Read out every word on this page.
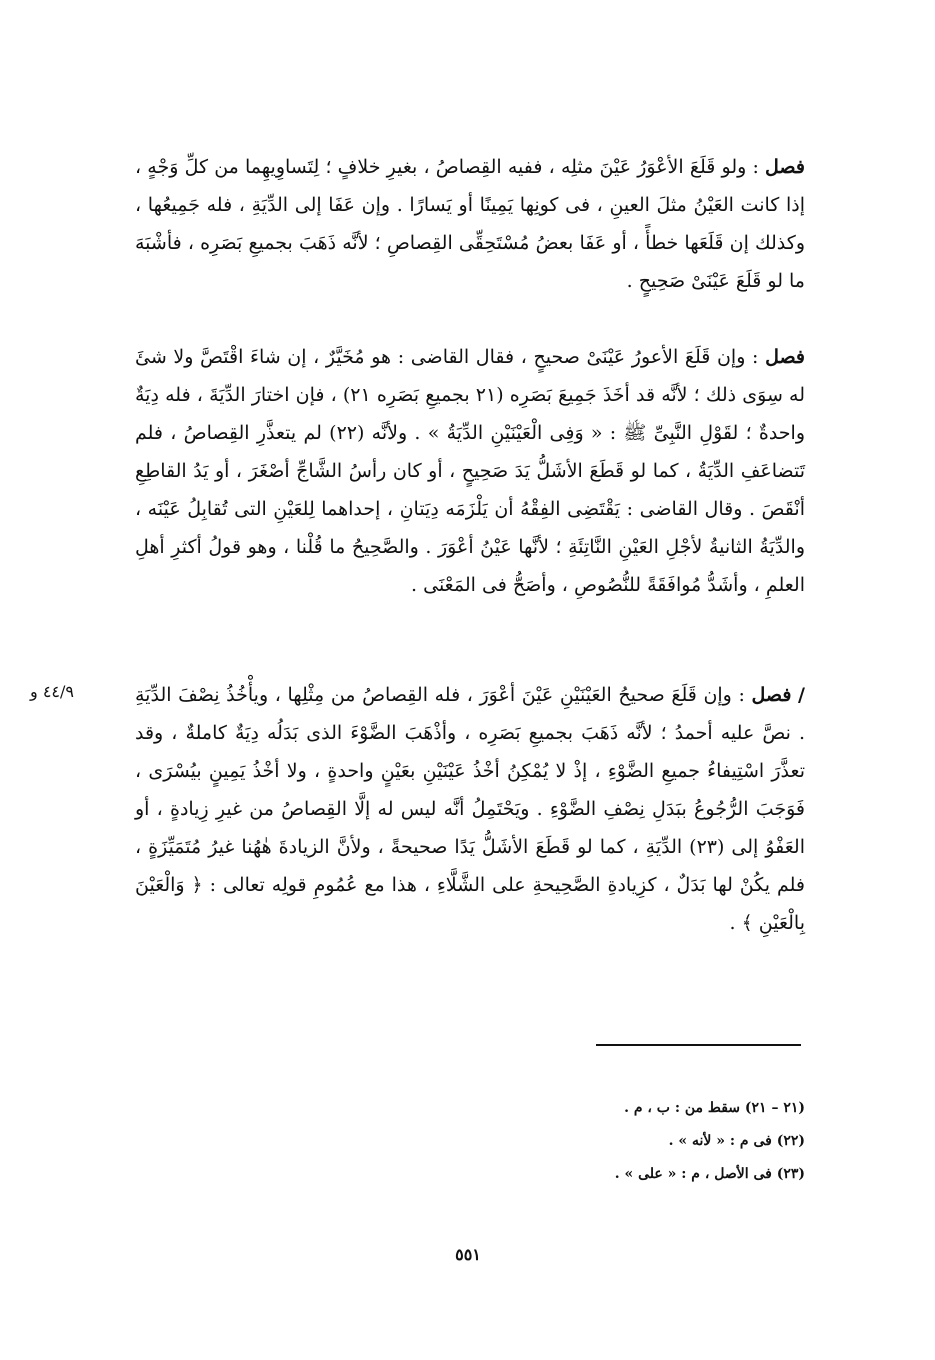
فصل : ولو قَلَعَ الأعْوَرُ عَيْنَ مثلِه ، ففيه القِصاصُ ، بغيرِ خلافٍ ؛ لِتَساوِيهِما من كلِّ وَجْهٍ ، إذا كانت العَيْنُ مثلَ العينِ ، فى كونِها يَمِينًا أو يَسارًا . وإن عَفَا إلى الدِّيَةِ ، فله جَمِيعُها ، وكذلك إن قَلَعَها خطأً ، أو عَفَا بعضُ مُسْتَحِقِّى القِصاصِ ؛ لأنَّه ذَهَبَ بجميعِ بَصَرِه ، فأشْبَهَ ما لو قَلَعَ عَيْنَىْ صَحِيحٍ .

فصل : وإن قَلَعَ الأعورُ عَيْنَىْ صحيحٍ ، فقال القاضى : هو مُخَيَّرٌ ، إن شاءَ اقْتَصَّ ولا شئَ له سِوَى ذلك ؛ لأنَّه قد أخَذَ جَمِيعَ بَصَرِه (٢١ بجميعِ بَصَرِه ٢١) ، فإن اختارَ الدِّيَةَ ، فله دِيَةٌ واحدةٌ ؛ لقَوْلِ النَّبِىِّ ﷺ : « وَفِى الْعَيْنَيْنِ الدِّيَةُ » . ولأنَّه (٢٢) لم يتعذَّرِ القِصاصُ ، فلم تَتضاعَفِ الدِّيَةُ ، كما لو قَطَعَ الأشَلُّ يَدَ صَحِيحٍ ، أو كان رأسُ الشَّاجِّ أصْغَرَ ، أو يَدُ القاطِعِ أنْقَصَ . وقال القاضى : يَقْتَضِى الفِقْهُ أن يَلْزَمَه دِيَتانِ ، إحداهما لِلعَيْنِ التى تُقابِلُ عَيْنَه ، والدِّيَةُ الثانيةُ لأجْلِ العَيْنِ النَّاتِئَةِ ؛ لأنَّها عَيْنُ أعْوَرَ . والصَّحِيحُ ما قُلْنا ، وهو قولُ أكثرِ أهلِ العلمِ ، وأشَدُّ مُوافَقَةً للنُّصُوصِ ، وأصَحُّ فى المَعْنَى .

/ فصل : وإن قَلَعَ صحيحُ العَيْنَيْنِ عَيْنَ أعْوَرَ ، فله القِصاصُ من مِثْلِها ، ويأْخُذُ نِصْفَ الدِّيَةِ . نصَّ عليه أحمدُ ؛ لأنَّه ذَهَبَ بجميعِ بَصَرِه ، وأذْهَبَ الضَّوْءَ الذى بَدَلُه دِيَةٌ كاملةٌ ، وقد تعذَّرَ اسْتِيفاءُ جميعِ الضَّوْءِ ، إذْ لا يُمْكِنُ أخْذُ عَيْنَيْنِ بعَيْنٍ واحدةٍ ، ولا أخْذُ يَمِينٍ بيُسْرَى ، فَوَجَبَ الرُّجُوعُ ببَدَلِ نِصْفِ الضَّوْءِ . ويَحْتَمِلُ أنَّه ليس له إلَّا القِصاصُ من غيرِ زِيادةٍ ، أو العَفْوُ إلى (٢٣) الدِّيَةِ ، كما لو قَطَعَ الأشَلُّ يَدًا صحيحةً ، ولأنَّ الزيادةَ هٰهُنا غيرُ مُتَمَيِّزَةٍ ، فلم يكُنْ لها بَدَلٌ ، كزِيادةِ الصَّحِيحةِ على الشَّلَّاءِ ، هذا مع عُمُومِ قولِه تعالى : ﴿ وَالْعَيْنَ بِالْعَيْنِ ﴾ .

٤٤/٩ و
(٢١ – ٢١) سقط من : ب ، م .
(٢٢) فى م : « لأنه » .
(٢٣) فى الأصل ، م : « على » .
٥٥١
